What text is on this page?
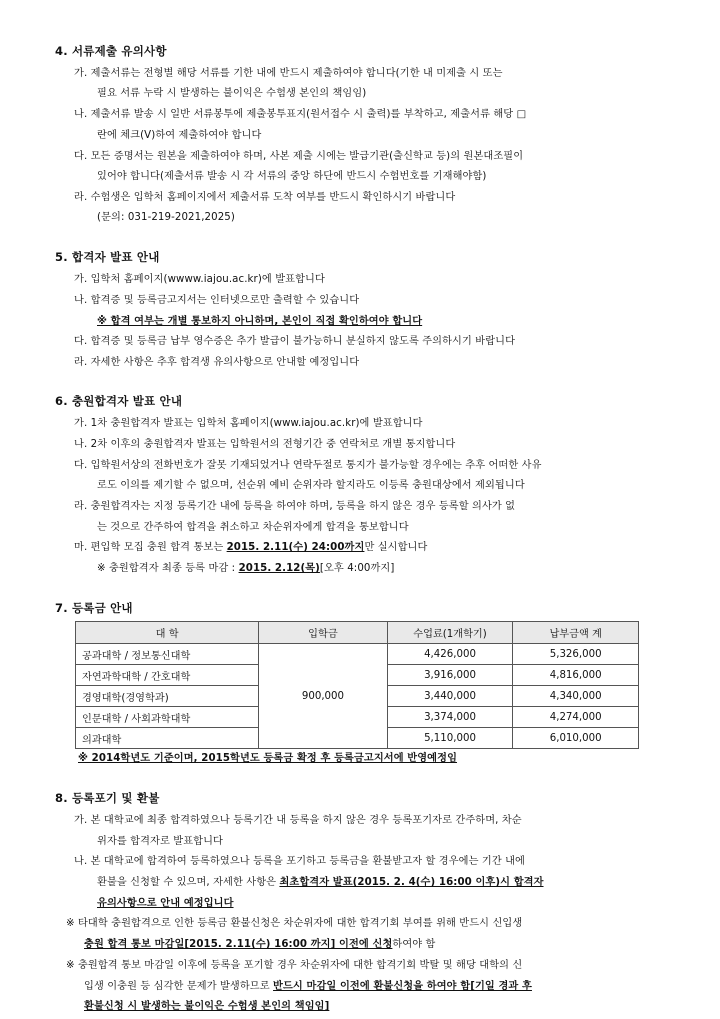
4. 서류제출 유의사항
가. 제출서류는 전형별 해당 서류를 기한 내에 반드시 제출하여야 합니다(기한 내 미제출 시 또는
필요 서류 누락 시 발생하는 불이익은 수험생 본인의 책임임)
나. 제출서류 발송 시 일반 서류봉투에 제출봉투표지(원서접수 시 출력)를 부착하고, 제출서류 해당 □
란에 체크(V)하여 제출하여야 합니다
다. 모든 증명서는 원본을 제출하여야 하며, 사본 제출 시에는 발급기관(출신학교 등)의 원본대조필이
있어야 합니다(제출서류 발송 시 각 서류의 중앙 하단에 반드시 수험번호를 기재해야함)
라. 수험생은 입학처 홈페이지에서 제출서류 도착 여부를 반드시 확인하시기 바랍니다
(문의: 031-219-2021,2025)
5. 합격자 발표 안내
가. 입학처 홈페이지(wwww.iajou.ac.kr)에 발표합니다
나. 합격증 및 등록금고지서는 인터넷으로만 출력할 수 있습니다
※ 합격 여부는 개별 통보하지 아니하며, 본인이 직접 확인하여야 합니다
다. 합격증 및 등록금 납부 영수증은 추가 발급이 불가능하니 분실하지 않도록 주의하시기 바랍니다
라. 자세한 사항은 추후 합격생 유의사항으로 안내할 예정입니다
6. 충원합격자 발표 안내
가. 1차 충원합격자 발표는 입학처 홈페이지(www.iajou.ac.kr)에 발표합니다
나. 2차 이후의 충원합격자 발표는 입학원서의 전형기간 중 연락처로 개별 통지합니다
다. 입학원서상의 전화번호가 잘못 기재되었거나 연락두절로 통지가 불가능할 경우에는 추후 어떠한 사유
로도 이의를 제기할 수 없으며, 선순위 예비 순위자라 할지라도 이등록 충원대상에서 제외됩니다
라. 충원합격자는 지정 등록기간 내에 등록을 하여야 하며, 등록을 하지 않은 경우 등록할 의사가 없
는 것으로 간주하여 합격을 취소하고 차순위자에게 합격을 통보합니다
마. 편입학 모집 충원 합격 통보는 2015. 2.11(수) 24:00까지만 실시합니다
※ 충원합격자 최종 등록 마감 : 2015. 2.12(목)[오후 4:00까지]
7. 등록금 안내
대 학	입학금	수업료(1개학기)	납부금액 계
공과대학 / 정보통신대학	900,000	4,426,000	5,326,000
자연과학대학 / 간호대학		3,916,000	4,816,000
경영대학(경영학과)		3,440,000	4,340,000
인문대학 / 사회과학대학		3,374,000	4,274,000
의과대학		5,110,000	6,010,000
※ 2014학년도 기준이며, 2015학년도 등록금 확정 후 등록금고지서에 반영예정임
8. 등록포기 및 환불
가. 본 대학교에 최종 합격하였으나 등록기간 내 등록을 하지 않은 경우 등록포기자로 간주하며, 차순
위자를 합격자로 발표합니다
나. 본 대학교에 합격하여 등록하였으나 등록을 포기하고 등록금을 환불받고자 할 경우에는 기간 내에
환불을 신청할 수 있으며, 자세한 사항은 최초합격자 발표(2015. 2. 4(수) 16:00 이후)시 합격자
유의사항으로 안내 예정입니다
※ 타대학 충원합격으로 인한 등록금 환불신청은 차순위자에 대한 합격기회 부여를 위해 반드시 신입생
충원 합격 통보 마감일[2015. 2.11(수) 16:00 까지] 이전에 신청하여야 함
※ 충원합격 통보 마감일 이후에 등록을 포기할 경우 차순위자에 대한 합격기회 박탈 및 해당 대학의 신
입생 이충원 등 심각한 문제가 발생하므로 반드시 마감일 이전에 환불신청을 하여야 함[기일 경과 후
환불신청 시 발생하는 불이익은 수험생 본인의 책임임]
